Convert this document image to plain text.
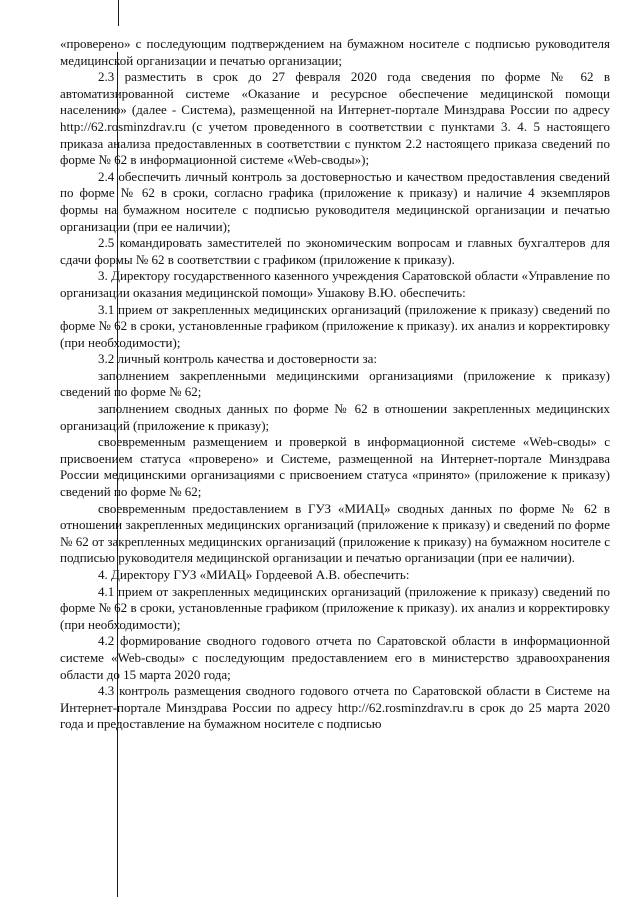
«проверено» с последующим подтверждением на бумажном носителе с подписью руководителя медицинской организации и печатью организации;

2.3 разместить в срок до 27 февраля 2020 года сведения по форме № 62 в автоматизированной системе «Оказание и ресурсное обеспечение медицинской помощи населению» (далее - Система), размещенной на Интернет-портале Минздрава России по адресу http://62.rosminzdrav.ru (с учетом проведенного в соответствии с пунктами 3. 4. 5 настоящего приказа анализа предоставленных в соответствии с пунктом 2.2 настоящего приказа сведений по форме № 62 в информационной системе «Web-своды»);

2.4 обеспечить личный контроль за достоверностью и качеством предоставления сведений по форме № 62 в сроки, согласно графика (приложение к приказу) и наличие 4 экземпляров формы на бумажном носителе с подписью руководителя медицинской организации и печатью организации (при ее наличии);

2.5 командировать заместителей по экономическим вопросам и главных бухгалтеров для сдачи формы № 62 в соответствии с графиком (приложение к приказу).

3. Директору государственного казенного учреждения Саратовской области «Управление по организации оказания медицинской помощи» Ушакову В.Ю. обеспечить:

3.1 прием от закрепленных медицинских организаций (приложение к приказу) сведений по форме № 62 в сроки, установленные графиком (приложение к приказу). их анализ и корректировку (при необходимости);

3.2 личный контроль качества и достоверности за:

заполнением закрепленными медицинскими организациями (приложение к приказу) сведений по форме № 62;

заполнением сводных данных по форме № 62 в отношении закрепленных медицинских организаций (приложение к приказу);

своевременным размещением и проверкой в информационной системе «Web-своды» с присвоением статуса «проверено» и Системе, размещенной на Интернет-портале Минздрава России медицинскими организациями с присвоением статуса «принято» (приложение к приказу) сведений по форме № 62;

своевременным предоставлением в ГУЗ «МИАЦ» сводных данных по форме № 62 в отношении закрепленных медицинских организаций (приложение к приказу) и сведений по форме № 62 от закрепленных медицинских организаций (приложение к приказу) на бумажном носителе с подписью руководителя медицинской организации и печатью организации (при ее наличии).

4. Директору ГУЗ «МИАЦ» Гордеевой А.В. обеспечить:

4.1 прием от закрепленных медицинских организаций (приложение к приказу) сведений по форме № 62 в сроки, установленные графиком (приложение к приказу). их анализ и корректировку (при необходимости);

4.2 формирование сводного годового отчета по Саратовской области в информационной системе «Web-своды» с последующим предоставлением его в министерство здравоохранения области до 15 марта 2020 года;

4.3 контроль размещения сводного годового отчета по Саратовской области в Системе на Интернет-портале Минздрава России по адресу http://62.rosminzdrav.ru в срок до 25 марта 2020 года и предоставление на бумажном носителе с подписью
